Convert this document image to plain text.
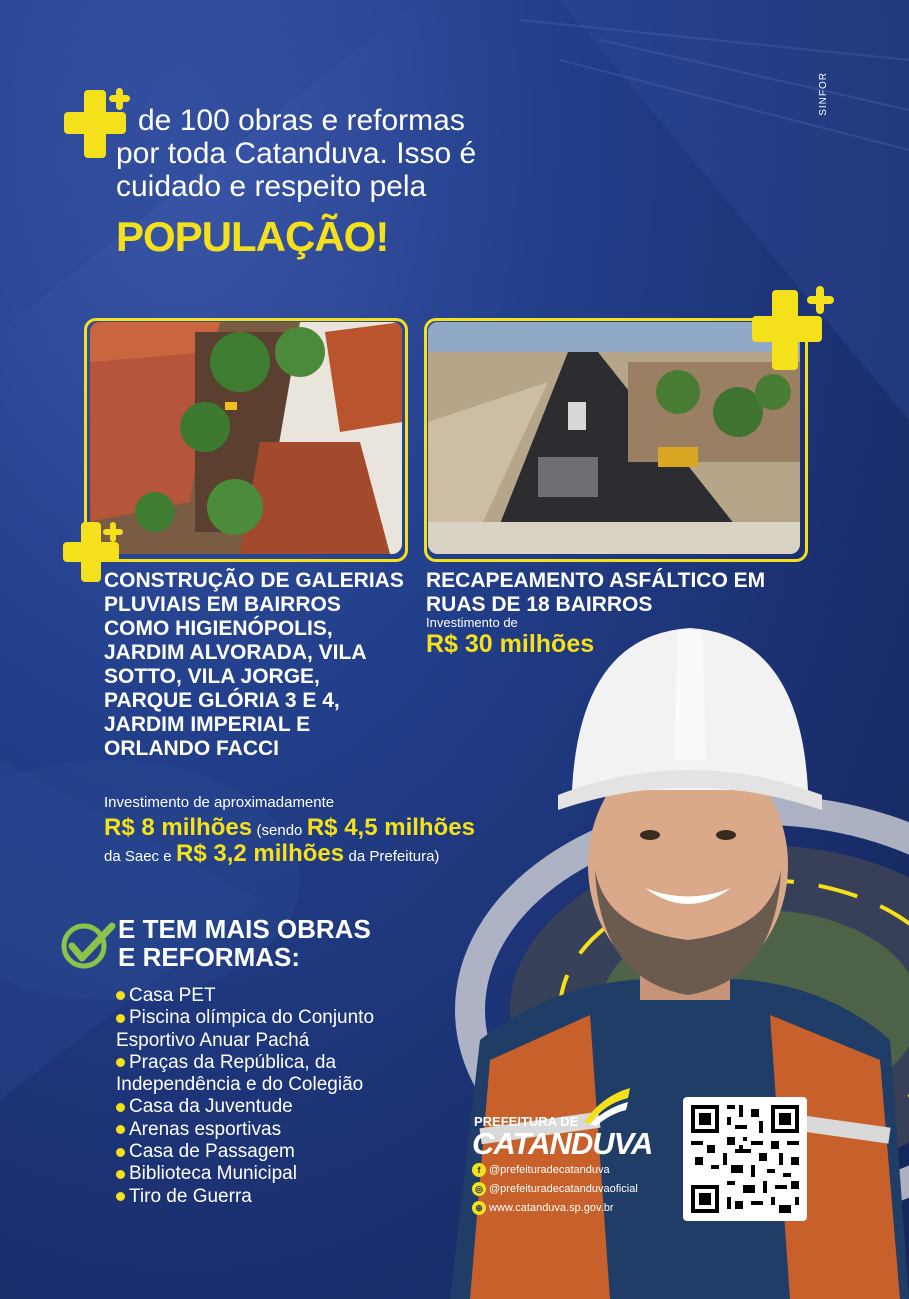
de 100 obras e reformas
por toda Catanduva. Isso é
cuidado e respeito pela
POPULAÇÃO!
SINFOR
CONSTRUÇÃO DE GALERIAS PLUVIAIS EM BAIRROS COMO HIGIENÓPOLIS, JARDIM ALVORADA, VILA SOTTO, VILA JORGE, PARQUE GLÓRIA 3 E 4, JARDIM IMPERIAL E ORLANDO FACCI
Investimento de aproximadamente
R$ 8 milhões (sendo R$ 4,5 milhões
da Saec e R$ 3,2 milhões da Prefeitura)
RECAPEAMENTO ASFÁLTICO EM RUAS DE 18 BAIRROS
Investimento de
R$ 30 milhões
E TEM MAIS OBRAS
E REFORMAS:
Casa PET
Piscina olímpica do Conjunto Esportivo Anuar Pachá
Praças da República, da Independência e do Colegião
Casa da Juventude
Arenas esportivas
Casa de Passagem
Biblioteca Municipal
Tiro de Guerra
PREFEITURA DE
CATANDUVA
f @prefeituradecatanduva
◎ @prefeituradecatanduvaoficial
⊕ www.catanduva.sp.gov.br
